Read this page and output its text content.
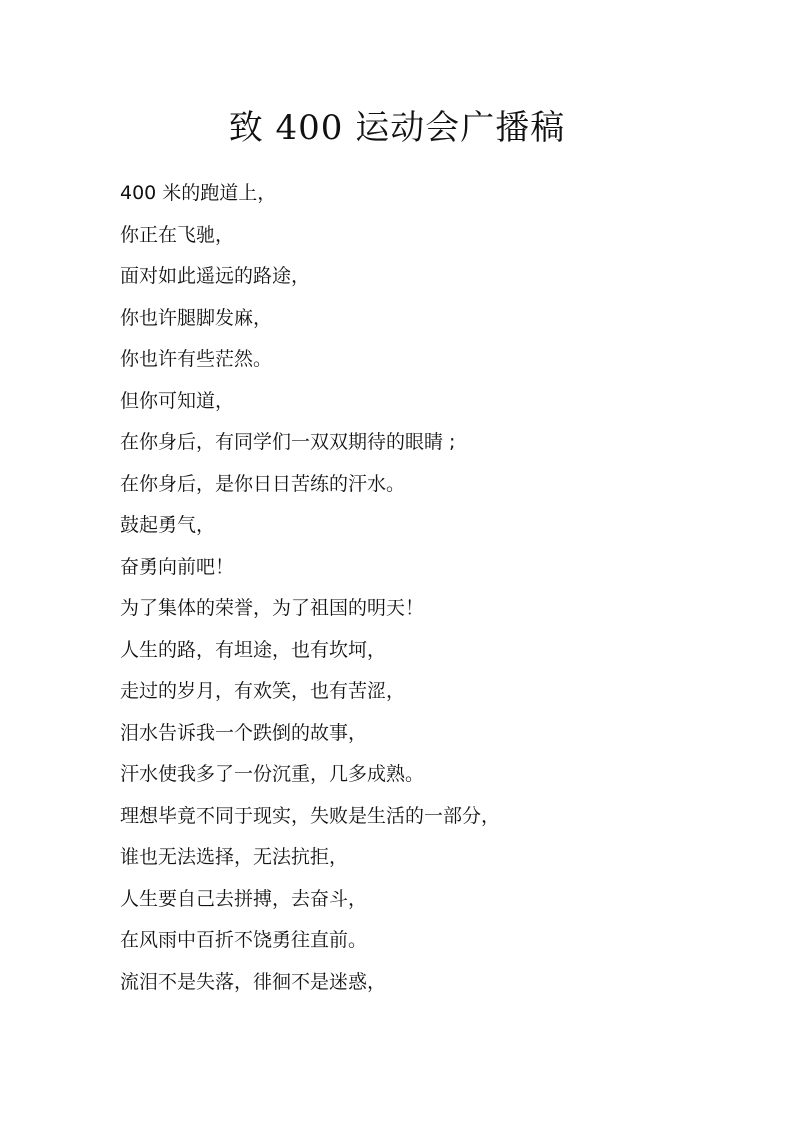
致 400 运动会广播稿
400 米的跑道上，
你正在飞驰，
面对如此遥远的路途，
你也许腿脚发麻，
你也许有些茫然。
但你可知道，
在你身后，有同学们一双双期待的眼睛 ;
在你身后，是你日日苦练的汗水。
鼓起勇气，
奋勇向前吧！
为了集体的荣誉，为了祖国的明天！
人生的路，有坦途，也有坎坷，
走过的岁月，有欢笑，也有苦涩，
泪水告诉我一个跌倒的故事，
汗水使我多了一份沉重，几多成熟。
理想毕竟不同于现实，失败是生活的一部分，
谁也无法选择，无法抗拒，
人生要自己去拼搏，去奋斗，
在风雨中百折不饶勇往直前。
流泪不是失落，徘徊不是迷惑，
